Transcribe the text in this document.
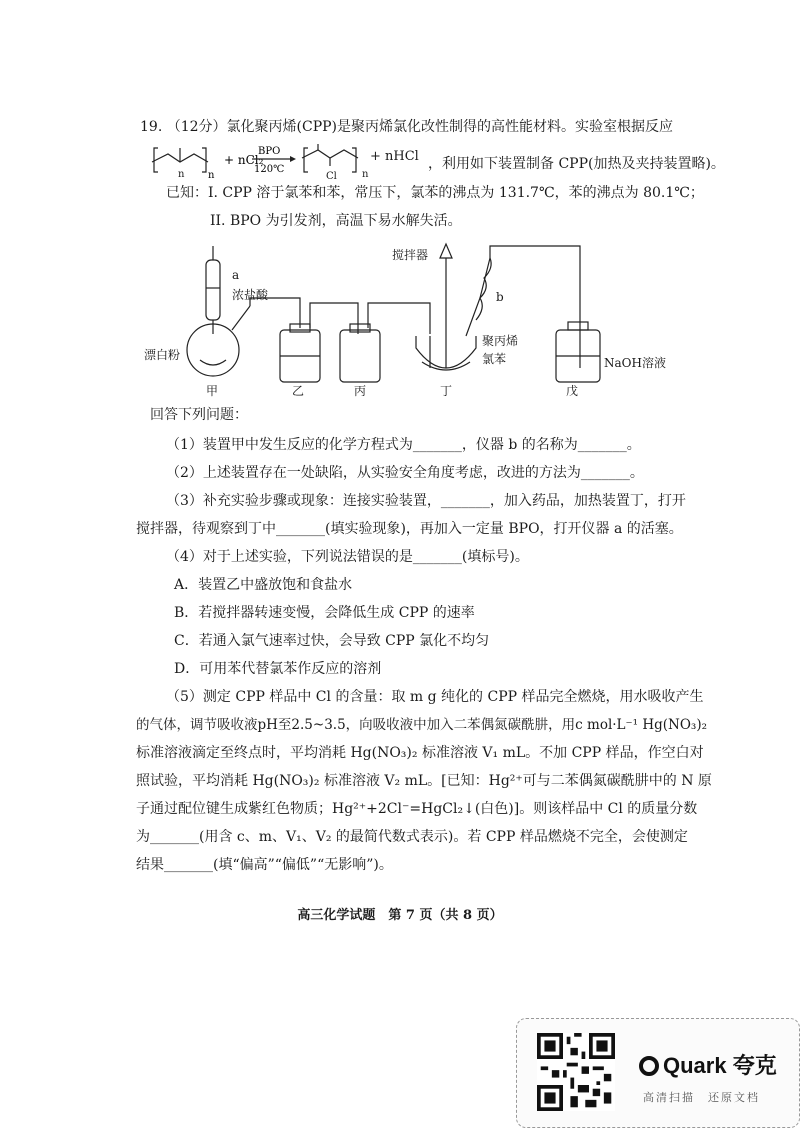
19. （12分）氯化聚丙烯(CPP)是聚丙烯氯化改性制得的高性能材料。实验室根据反应
n
+ nCl₂
BPO
120℃
n	Cl	n
+ nHCl ，利用如下装置制备 CPP(加热及夹持装置略)。
已知：I. CPP 溶于氯苯和苯，常压下，氯苯的沸点为 131.7℃，苯的沸点为 80.1℃；
II. BPO 为引发剂，高温下易水解失活。
a
浓盐酸
漂白粉
搅拌器
b
聚丙烯
氯苯	NaOH溶液
甲	乙	丙	丁	戊
回答下列问题：
（1）装置甲中发生反应的化学方程式为_______，仪器 b 的名称为_______。
（2）上述装置存在一处缺陷，从实验安全角度考虑，改进的方法为_______。
（3）补充实验步骤或现象：连接实验装置，_______，加入药品，加热装置丁，打开
搅拌器，待观察到丁中_______(填实验现象)，再加入一定量 BPO，打开仪器 a 的活塞。
（4）对于上述实验，下列说法错误的是_______(填标号)。
A．装置乙中盛放饱和食盐水
B．若搅拌器转速变慢，会降低生成 CPP 的速率
C．若通入氯气速率过快，会导致 CPP 氯化不均匀
D．可用苯代替氯苯作反应的溶剂
（5）测定 CPP 样品中 Cl 的含量：取 m g 纯化的 CPP 样品完全燃烧，用水吸收产生
的气体，调节吸收液pH至2.5~3.5，向吸收液中加入二苯偶氮碳酰肼，用c mol·L⁻¹ Hg(NO₃)₂
标准溶液滴定至终点时，平均消耗 Hg(NO₃)₂ 标准溶液 V₁ mL。不加 CPP 样品，作空白对
照试验，平均消耗 Hg(NO₃)₂ 标准溶液 V₂ mL。[已知：Hg²⁺可与二苯偶氮碳酰肼中的 N 原
子通过配位键生成紫红色物质；Hg²⁺+2Cl⁻=HgCl₂↓(白色)]。则该样品中 Cl 的质量分数
为_______(用含 c、m、V₁、V₂ 的最简代数式表示)。若 CPP 样品燃烧不完全，会使测定
结果_______(填“偏高”“偏低”“无影响”)。
高三化学试题　第 7 页（共 8 页）
Quark 夸克
高清扫描　还原文档
